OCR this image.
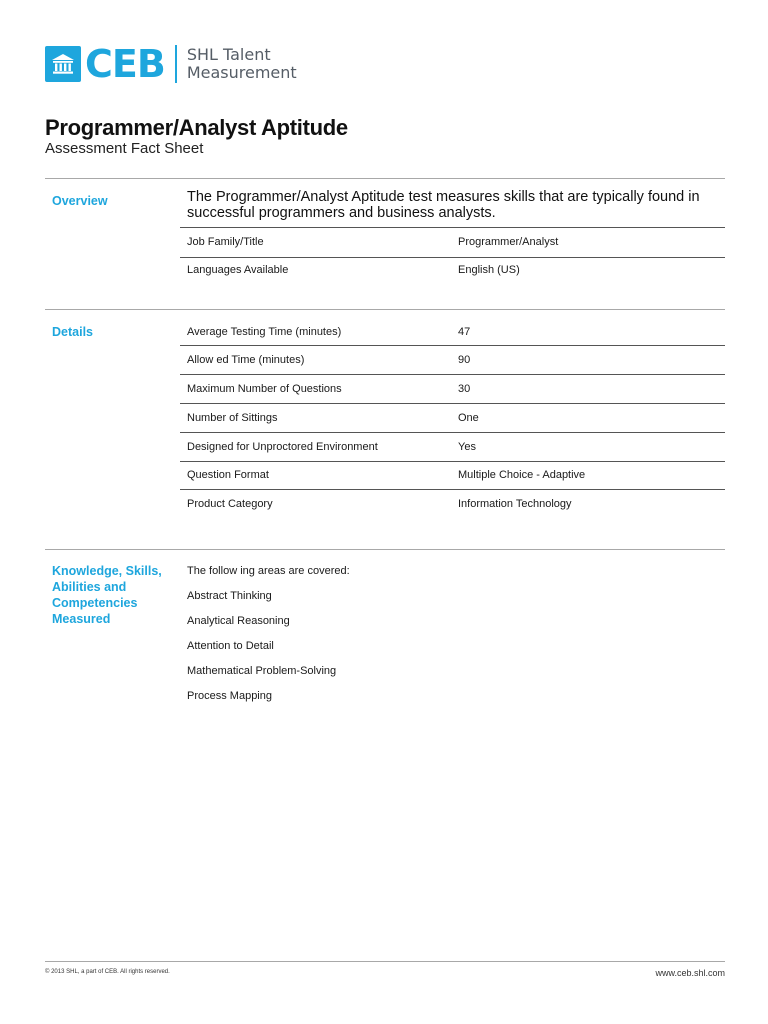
CEB SHL Talent
Measurement
Programmer/Analyst Aptitude
Assessment Fact Sheet
Overview	The Programmer/Analyst Aptitude test measures skills that are typically found in successful programmers and business analysts.
Job Family/Title	Programmer/Analyst
Languages Available	English (US)
Details	Average Testing Time (minutes)	47
Allow ed Time (minutes)	90
Maximum Number of Questions	30
Number of Sittings	One
Designed for Unproctored Environment	Yes
Question Format	Multiple Choice - Adaptive
Product Category	Information Technology
Knowledge, Skills, Abilities and Competencies Measured
The follow ing areas are covered:
Abstract Thinking
Analytical Reasoning
Attention to Detail
Mathematical Problem-Solving
Process Mapping
© 2013 SHL, a part of CEB. All rights reserved.	www.ceb.shl.com
